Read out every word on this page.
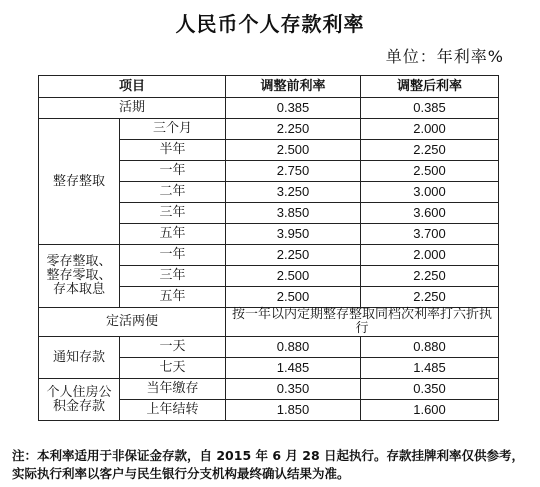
人民币个人存款利率
单位：年利率%
项目		调整前利率	调整后利率
活期		0.385	0.385
整存整取	三个月	2.250	2.000
	半年	2.500	2.250
	一年	2.750	2.500
	二年	3.250	3.000
	三年	3.850	3.600
	五年	3.950	3.700

零存整取、
整存零取、
存本取息	一年	2.250	2.000
	三年	2.500	2.250
	五年	2.500	2.250
定活两便		按一年以内定期整存整取同档次利率打六折执行	
通知存款	一天	0.880	0.880
	七天	1.485	1.485

个人住房公
积金存款	当年缴存	0.350	0.350
	上年结转	1.850	1.600
注：本利率适用于非保证金存款，自 2015 年 6 月 28 日起执行。存款挂牌利率仅供参考，实际执行利率以客户与民生银行分支机构最终确认结果为准。
